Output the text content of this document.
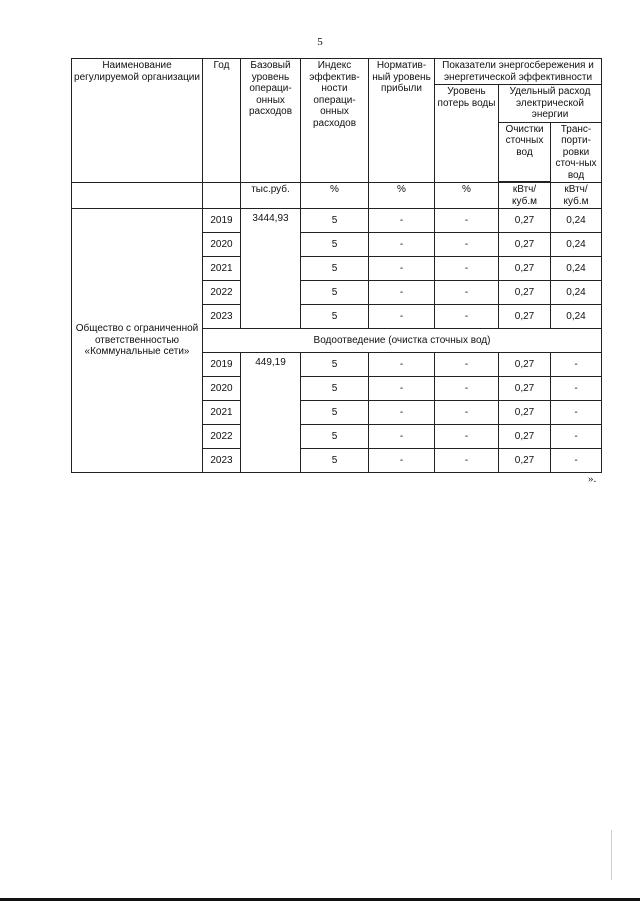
5
Наименование регулируемой организации	Год	Базовый уровень операци-онных расходов	Индекс эффектив-ности операци-онных расходов	Норматив-ный уровень прибыли	Показатели энергосбережения и энергетической эффективности		
					Уровень потерь воды	Удельный расход электрической энергии	
						Очистки сточных вод	Транс-порти-ровки сточ-ных вод

		тыс.руб.	%	%	%	кВтч/ куб.м	кВтч/ куб.м
Общество с ограниченной ответственностью «Коммунальные сети»	2019	3444,93	5	-	-	0,27	0,24
	2020		5	-	-	0,27	0,24
	2021		5	-	-	0,27	0,24
	2022		5	-	-	0,27	0,24
	2023		5	-	-	0,27	0,24
	Водоотведение (очистка сточных вод)						
	2019	449,19	5	-	-	0,27	-
	2020		5	-	-	0,27	-
	2021		5	-	-	0,27	-
	2022		5	-	-	0,27	-
	2023		5	-	-	0,27	-
».
